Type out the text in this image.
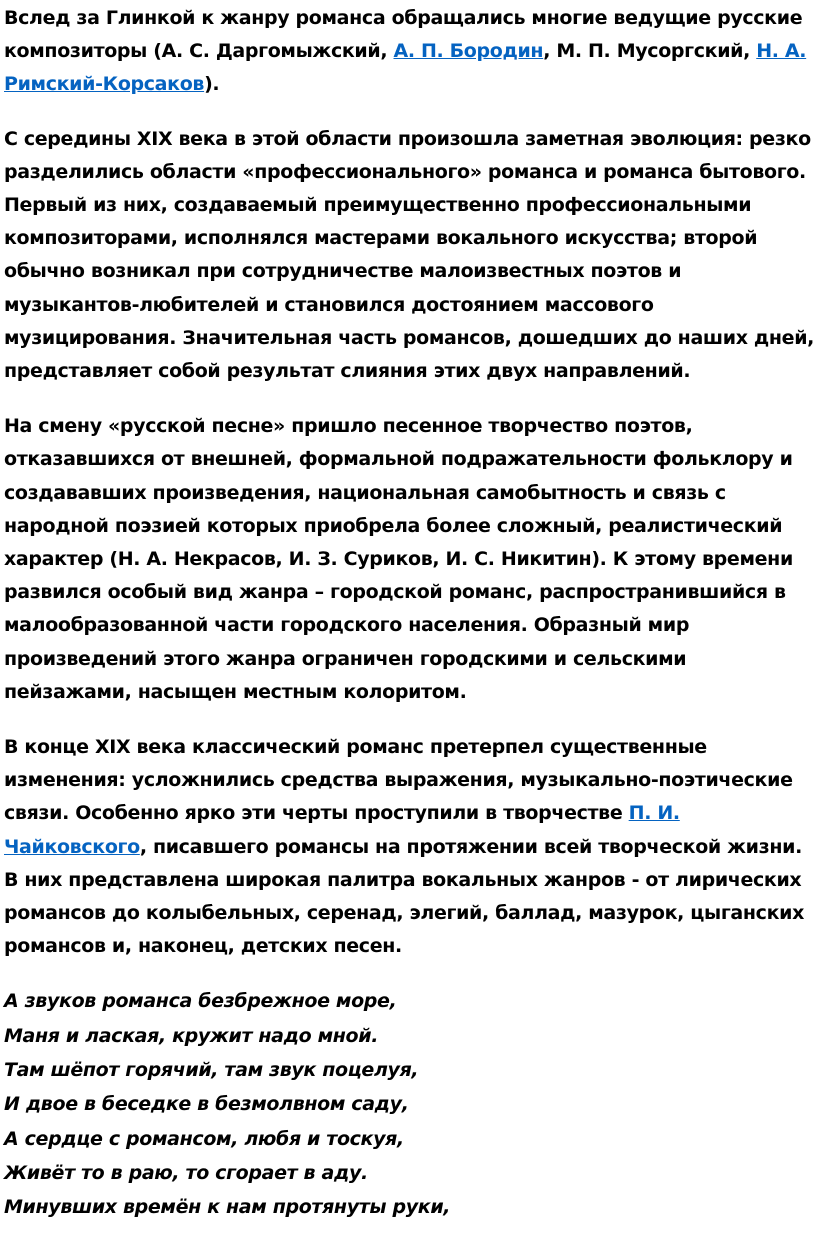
Вслед за Глинкой к жанру романса обращались многие ведущие русские композиторы (А. С. Даргомыжский, А. П. Бородин, М. П. Мусоргский, Н. А. Римский-Корсаков).

С середины XIX века в этой области произошла заметная эволюция: резко разделились области «профессионального» романса и романса бытового. Первый из них, создаваемый преимущественно профессиональными композиторами, исполнялся мастерами вокального искусства; второй обычно возникал при сотрудничестве малоизвестных поэтов и музыкантов-любителей и становился достоянием массового музицирования. Значительная часть романсов, дошедших до наших дней, представляет собой результат слияния этих двух направлений.

На смену «русской песне» пришло песенное творчество поэтов, отказавшихся от внешней, формальной подражательности фольклору и создававших произведения, национальная самобытность и связь с народной поэзией которых приобрела более сложный, реалистический характер (Н. А. Некрасов, И. З. Суриков, И. С. Никитин). К этому времени развился особый вид жанра – городской романс, распространившийся в малообразованной части городского населения. Образный мир произведений этого жанра ограничен городскими и сельскими пейзажами, насыщен местным колоритом.

В конце XIX века классический романс претерпел существенные изменения: усложнились средства выражения, музыкально-поэтические связи. Особенно ярко эти черты проступили в творчестве П. И. Чайковского, писавшего романсы на протяжении всей творческой жизни. В них представлена широкая палитра вокальных жанров - от лирических романсов до колыбельных, серенад, элегий, баллад, мазурок, цыганских романсов и, наконец, детских песен.

А звуков романса безбрежное море,
Маня и лаская, кружит надо мной.
Там шёпот горячий, там звук поцелуя,
И двое в беседке в безмолвном саду,
А сердце с романсом, любя и тоскуя,
Живёт то в раю, то сгорает в аду.
Минувших времён к нам протянуты руки,
